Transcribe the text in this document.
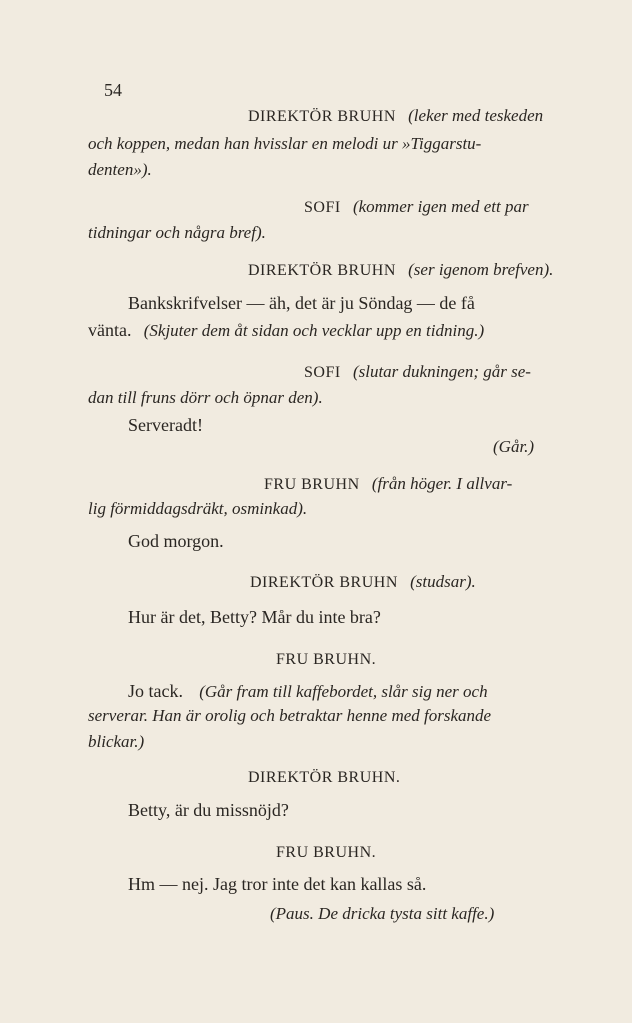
54
DIREKTÖR BRUHN (leker med teskeden
och koppen, medan han hvisslar en melodi ur »Tiggarstu-
denten»).
SOFI (kommer igen med ett par
tidningar och några bref).
DIREKTÖR BRUHN (ser igenom brefven).
Bankskrifvelser — äh, det är ju Söndag — de få
vänta. (Skjuter dem åt sidan och vecklar upp en tidning.)
SOFI (slutar dukningen; går se-
dan till fruns dörr och öpnar den).
Serveradt!
(Går.)
FRU BRUHN (från höger. I allvar-
lig förmiddagsdräkt, osminkad).
God morgon.
DIREKTÖR BRUHN (studsar).
Hur är det, Betty? Mår du inte bra?
FRU BRUHN.
Jo tack. (Går fram till kaffebordet, slår sig ner och
serverar. Han är orolig och betraktar henne med forskande
blickar.)
DIREKTÖR BRUHN.
Betty, är du missnöjd?
FRU BRUHN.
Hm — nej. Jag tror inte det kan kallas så.
(Paus. De dricka tysta sitt kaffe.)
